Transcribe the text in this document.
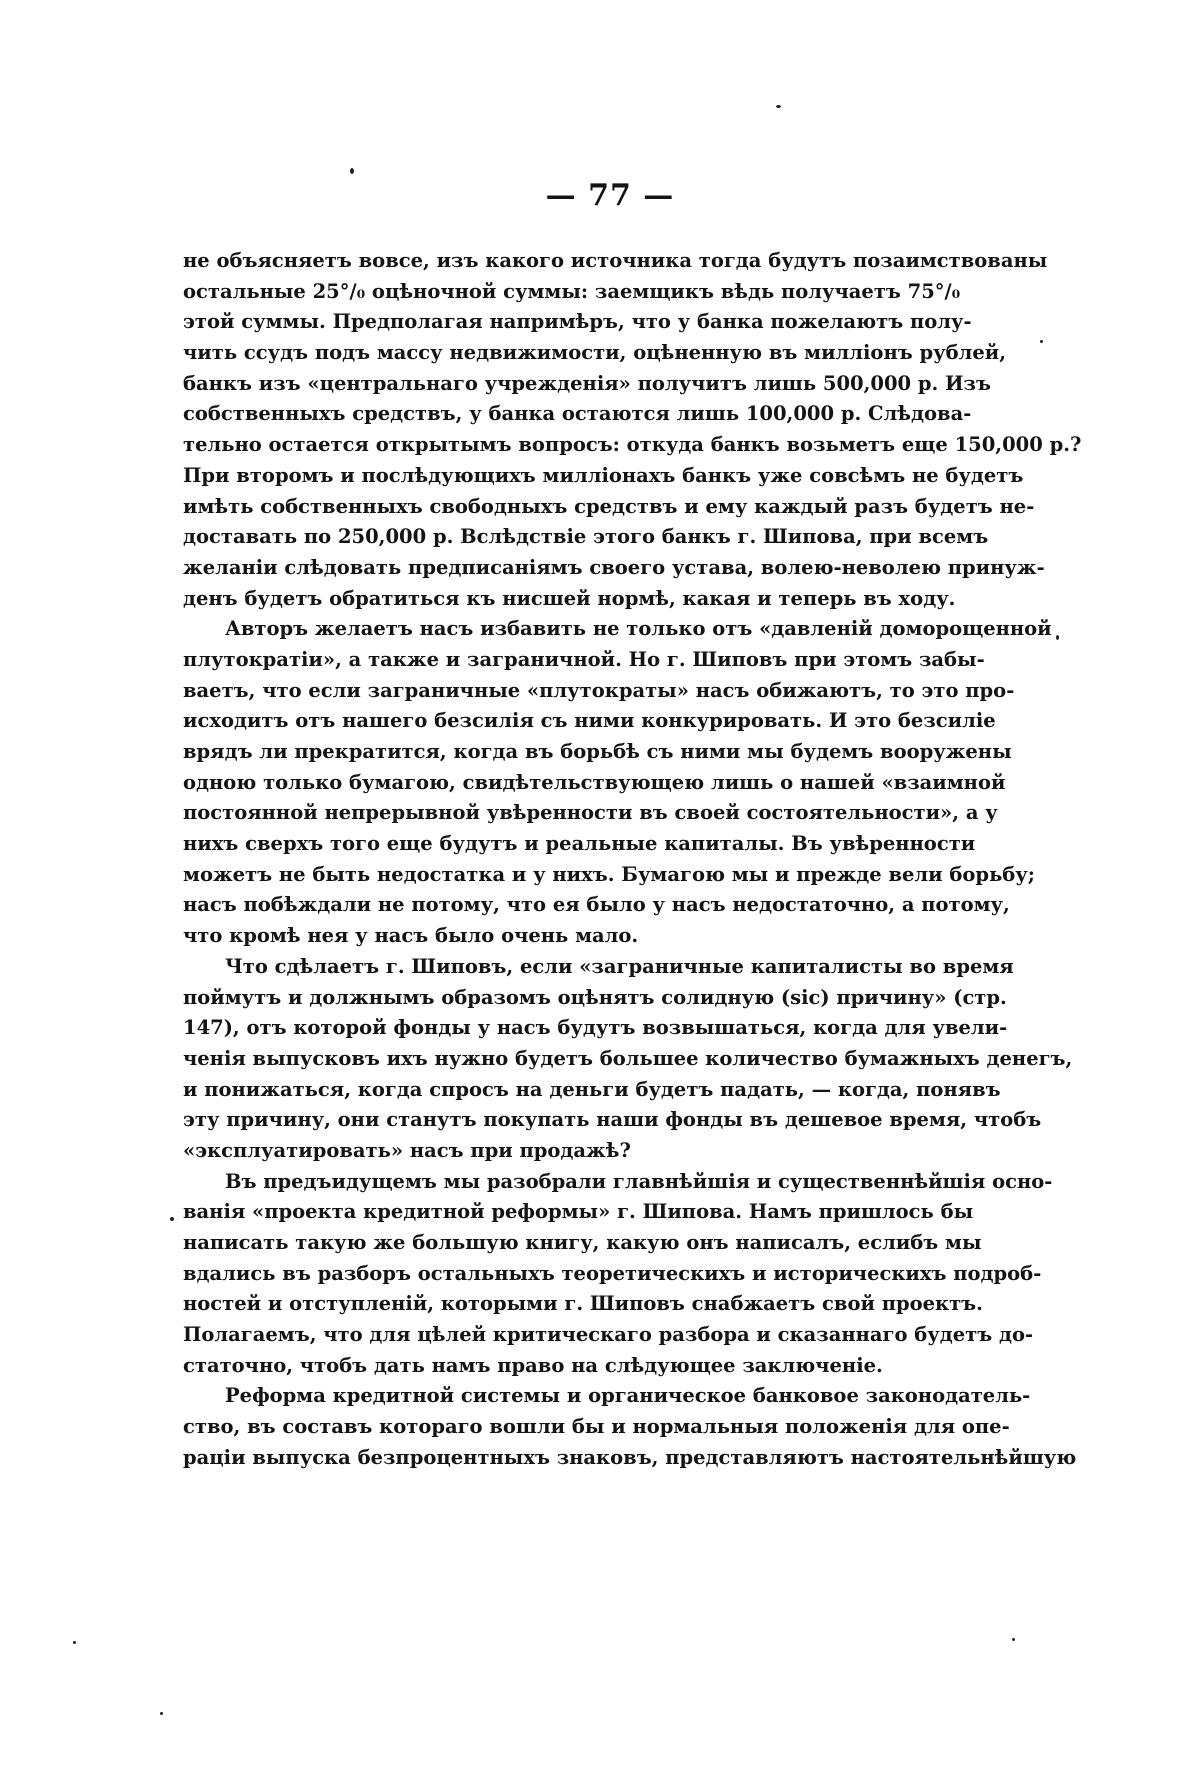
— 77 —
не объясняетъ вовсе, изъ какого источника тогда будутъ позаимствованы
остальные 25°/₀ оцѣночной суммы: заемщикъ вѣдь получаетъ 75°/₀
этой суммы. Предполагая напримѣръ, что у банка пожелаютъ полу-
чить ссудъ подъ массу недвижимости, оцѣненную въ милліонъ рублей,
банкъ изъ «центральнаго учрежденія» получитъ лишь 500,000 р. Изъ
собственныхъ средствъ, у банка остаются лишь 100,000 р. Слѣдова-
тельно остается открытымъ вопросъ: откуда банкъ возьметъ еще 150,000 р.?
При второмъ и послѣдующихъ милліонахъ банкъ уже совсѣмъ не будетъ
имѣть собственныхъ свободныхъ средствъ и ему каждый разъ будетъ не-
доставать по 250,000 р. Вслѣдствіе этого банкъ г. Шипова, при всемъ
желаніи слѣдовать предписаніямъ своего устава, волею-неволею принуж-
денъ будетъ обратиться къ нисшей нормѣ, какая и теперь въ ходу.
Авторъ желаетъ насъ избавить не только отъ «давленій доморощенной
плутократіи», а также и заграничной. Но г. Шиповъ при этомъ забы-
ваетъ, что если заграничные «плутократы» насъ обижаютъ, то это про-
исходитъ отъ нашего безсилія съ ними конкурировать. И это безсиліе
врядъ ли прекратится, когда въ борьбѣ съ ними мы будемъ вооружены
одною только бумагою, свидѣтельствующею лишь о нашей «взаимной
постоянной непрерывной увѣренности въ своей состоятельности», а у
нихъ сверхъ того еще будутъ и реальные капиталы. Въ увѣренности
можетъ не быть недостатка и у нихъ. Бумагою мы и прежде вели борьбу;
насъ побѣждали не потому, что ея было у насъ недостаточно, а потому,
что кромѣ нея у насъ было очень мало.
Что сдѣлаетъ г. Шиповъ, если «заграничные капиталисты во время
поймутъ и должнымъ образомъ оцѣнятъ солидную (sic) причину» (стр.
147), отъ которой фонды у насъ будутъ возвышаться, когда для увели-
ченія выпусковъ ихъ нужно будетъ большее количество бумажныхъ денегъ,
и понижаться, когда спросъ на деньги будетъ падать, — когда, понявъ
эту причину, они станутъ покупать наши фонды въ дешевое время, чтобъ
«эксплуатировать» насъ при продажѣ?
Въ предъидущемъ мы разобрали главнѣйшія и существеннѣйшія осно-
ванія «проекта кредитной реформы» г. Шипова. Намъ пришлось бы
написать такую же большую книгу, какую онъ написалъ, еслибъ мы
вдались въ разборъ остальныхъ теоретическихъ и историческихъ подроб-
ностей и отступленій, которыми г. Шиповъ снабжаетъ свой проектъ.
Полагаемъ, что для цѣлей критическаго разбора и сказаннаго будетъ до-
статочно, чтобъ дать намъ право на слѣдующее заключеніе.
Реформа кредитной системы и органическое банковое законодатель-
ство, въ составъ котораго вошли бы и нормальныя положенія для опе-
раціи выпуска безпроцентныхъ знаковъ, представляютъ настоятельнѣйшую
